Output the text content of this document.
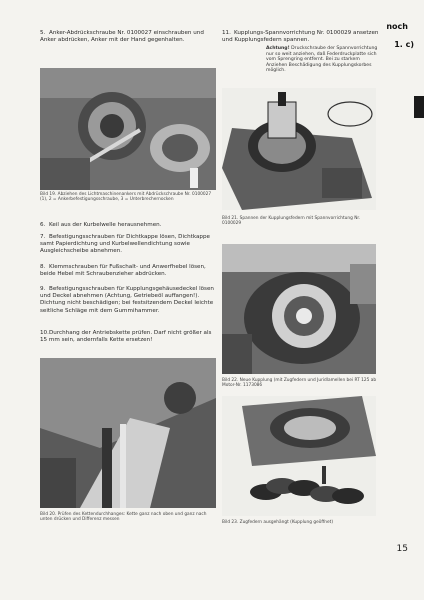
noch
1. c)
5. Anker-Abdrückschraube Nr. 0100027 einschrauben und Anker abdrücken, Anker mit der Hand gegenhalten.
Bild 19. Abziehen des Lichtmaschinenankers mit Abdrückschraube Nr. 0100027 (1), 2 = Ankerbefestigungsschraube, 3 = Unterbrechernocken
6. Keil aus der Kurbelwelle herausnehmen.
7. Befestigungsschrauben für Dichtkappe lösen, Dichtkappe samt Papierdichtung und Kurbelwellendichtung sowie Ausgleichscheibe abnehmen.
8. Klemmschrauben für Fußschalt- und Anwerfhebel lösen, beide Hebel mit Schraubenzieher abdrücken.
9. Befestigungsschrauben für Kupplungsgehäusedeckel lösen und Deckel abnehmen (Achtung, Getriebeöl auffangen!). Dichtung nicht beschädigen; bei festsitzendem Deckel leichte seitliche Schläge mit dem Gummihammer.
10.Durchhang der Antriebskette prüfen. Darf nicht größer als 15 mm sein, andernfalls Kette ersetzen!
Bild 20. Prüfen des Kettendurchhanges: Kette ganz nach oben und ganz nach unten drücken und Differenz messen
11. Kupplungs-Spannvorrichtung Nr. 0100029 ansetzen und Kupplungsfedern spannen.
Achtung! Druckschraube der Spannvorrichtung nur so weit anziehen, daß Federdruckplatte sich vom Sprengring entfernt. Bei zu starkem Anziehen Beschädigung des Kupplungskorbes möglich.
Bild 21. Spannen der Kupplungsfedern mit Spannvorrichtung Nr. 0100029
Bild 22. Neue Kupplung (mit Zugfedern und Juridlamellen bei RT 125 ab Motor-Nr. 1173086
Bild 23. Zugfedern ausgehängt (Kupplung geöffnet)
15
